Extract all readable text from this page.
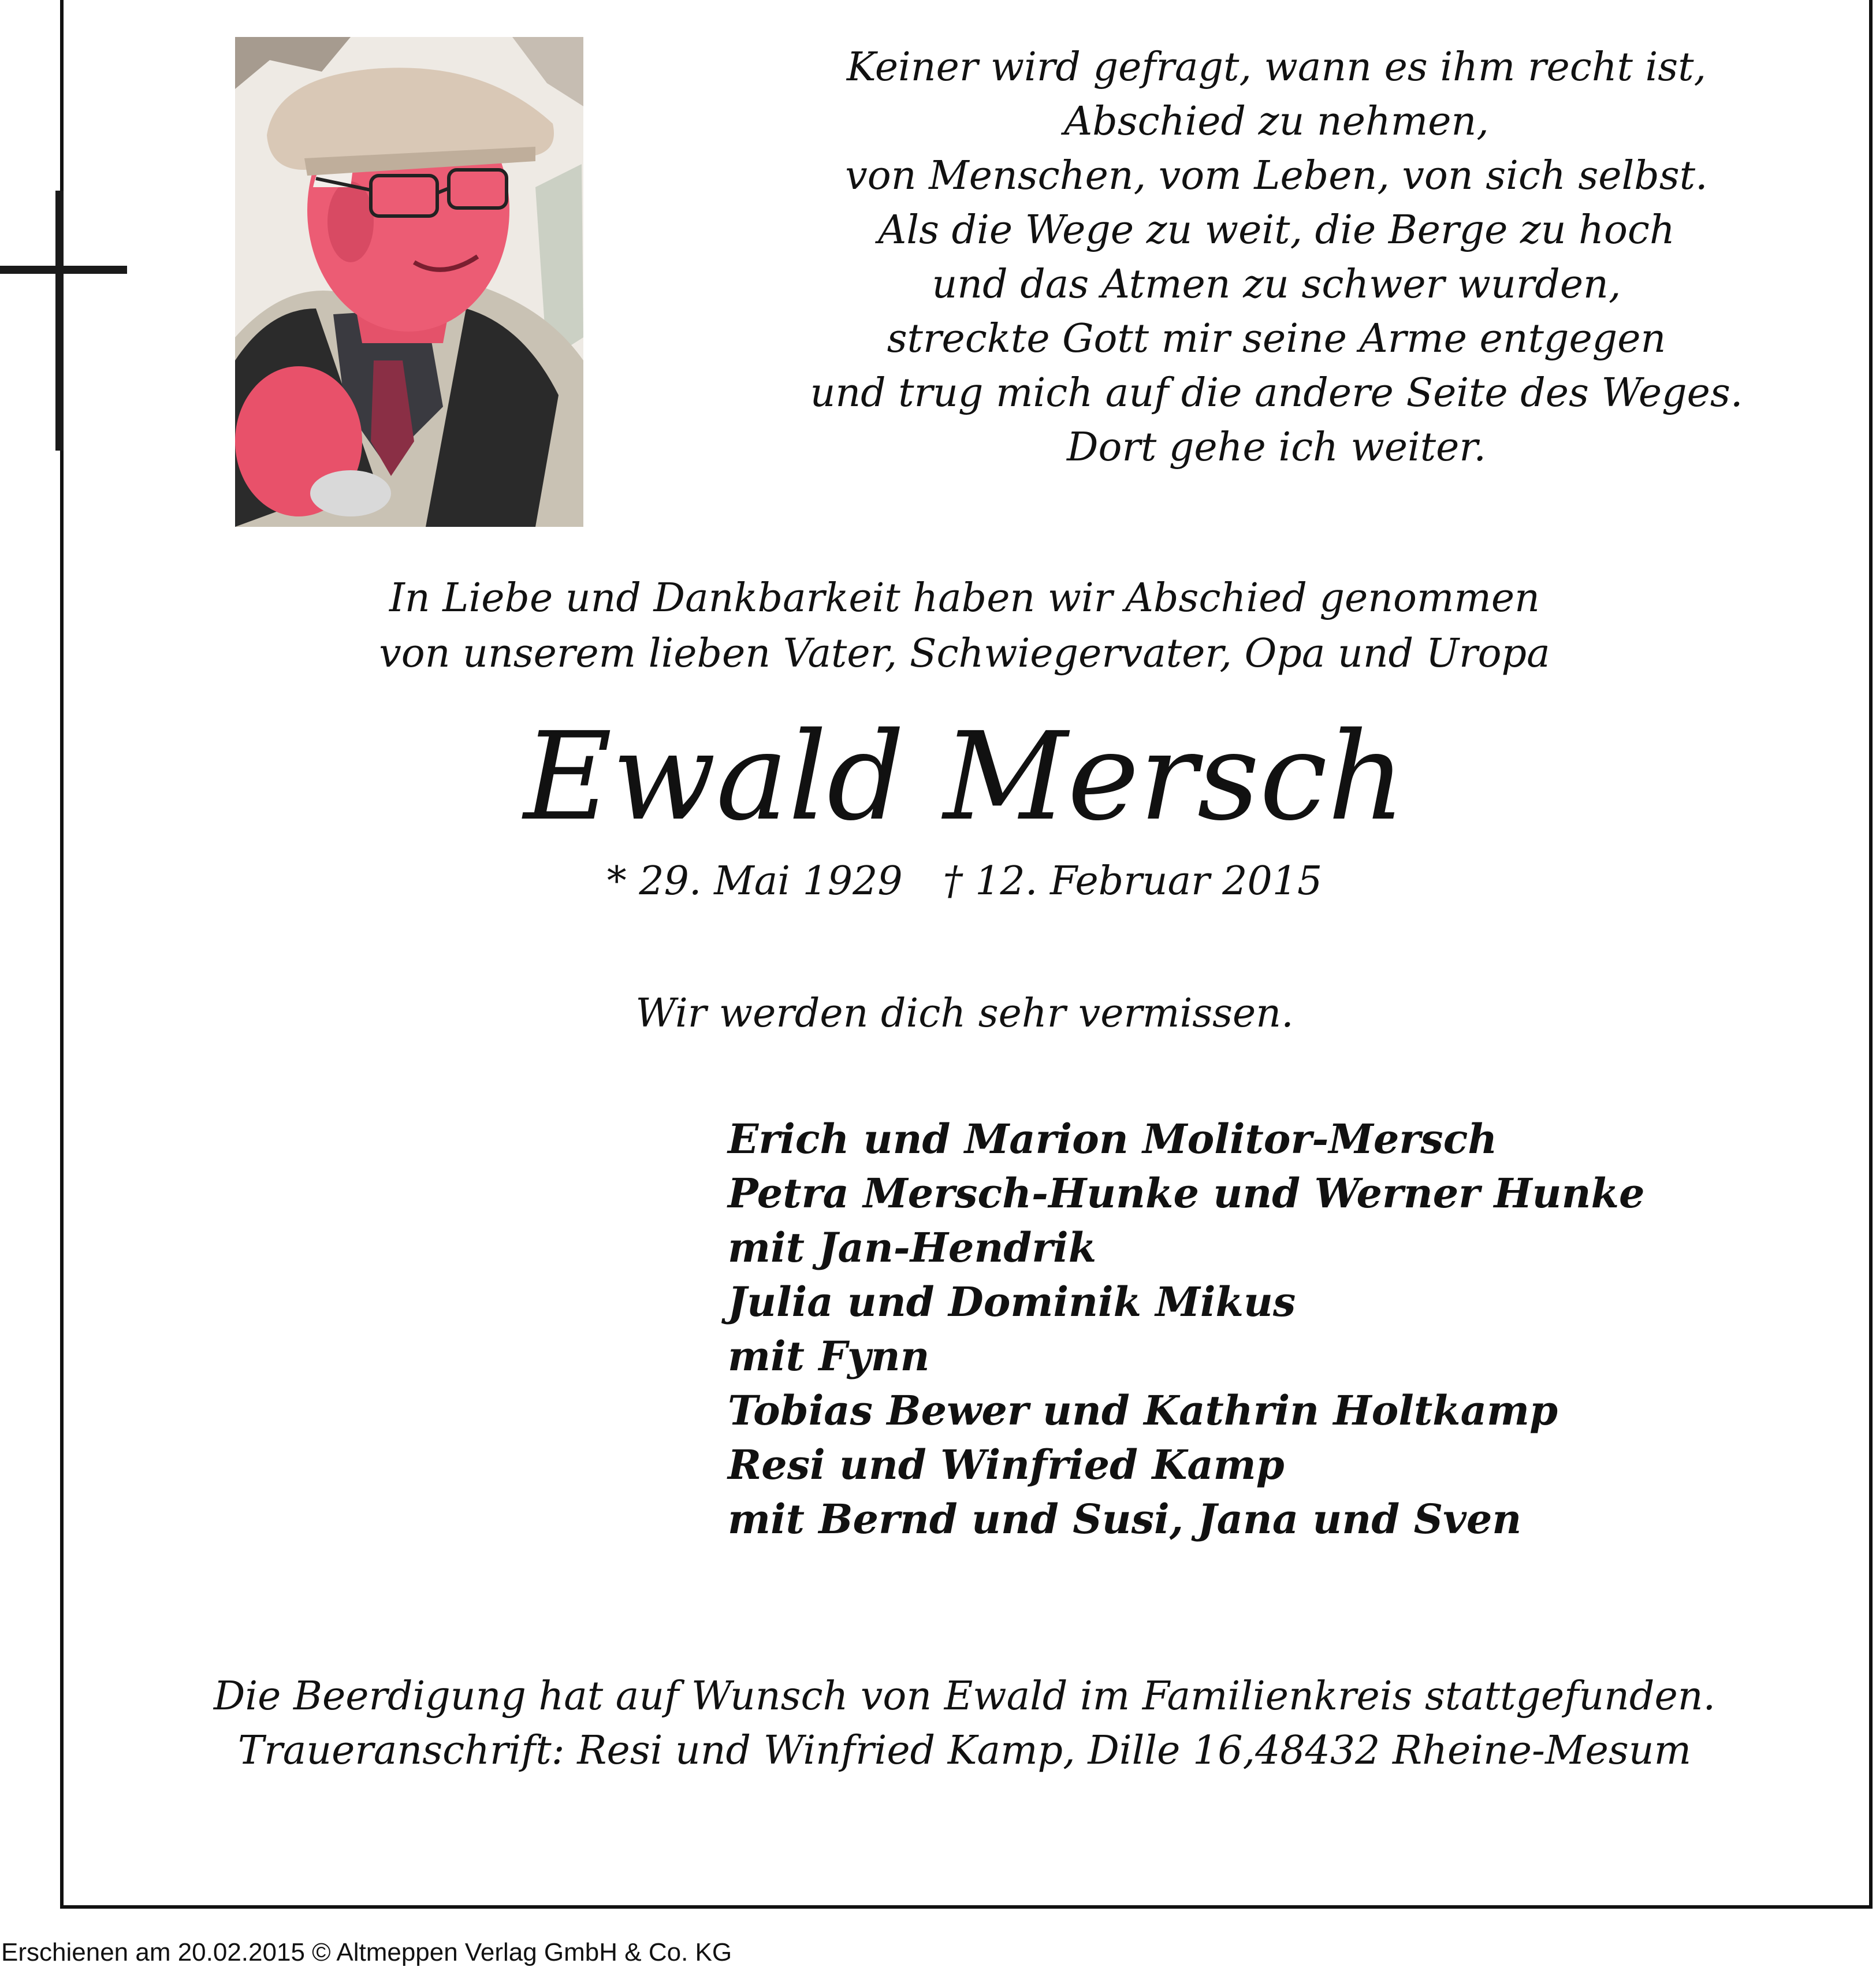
Keiner wird gefragt, wann es ihm recht ist,
Abschied zu nehmen,
von Menschen, vom Leben, von sich selbst.
Als die Wege zu weit, die Berge zu hoch
und das Atmen zu schwer wurden,
streckte Gott mir seine Arme entgegen
und trug mich auf die andere Seite des Weges.
Dort gehe ich weiter.
In Liebe und Dankbarkeit haben wir Abschied genommen
von unserem lieben Vater, Schwiegervater, Opa und Uropa
Ewald Mersch
* 29. Mai 1929 † 12. Februar 2015
Wir werden dich sehr vermissen.
Erich und Marion Molitor-Mersch
Petra Mersch-Hunke und Werner Hunke
mit Jan-Hendrik
Julia und Dominik Mikus
mit Fynn
Tobias Bewer und Kathrin Holtkamp
Resi und Winfried Kamp
mit Bernd und Susi, Jana und Sven
Die Beerdigung hat auf Wunsch von Ewald im Familienkreis stattgefunden.
Traueranschrift: Resi und Winfried Kamp, Dille 16,48432 Rheine-Mesum
Erschienen am 20.02.2015 © Altmeppen Verlag GmbH & Co. KG
